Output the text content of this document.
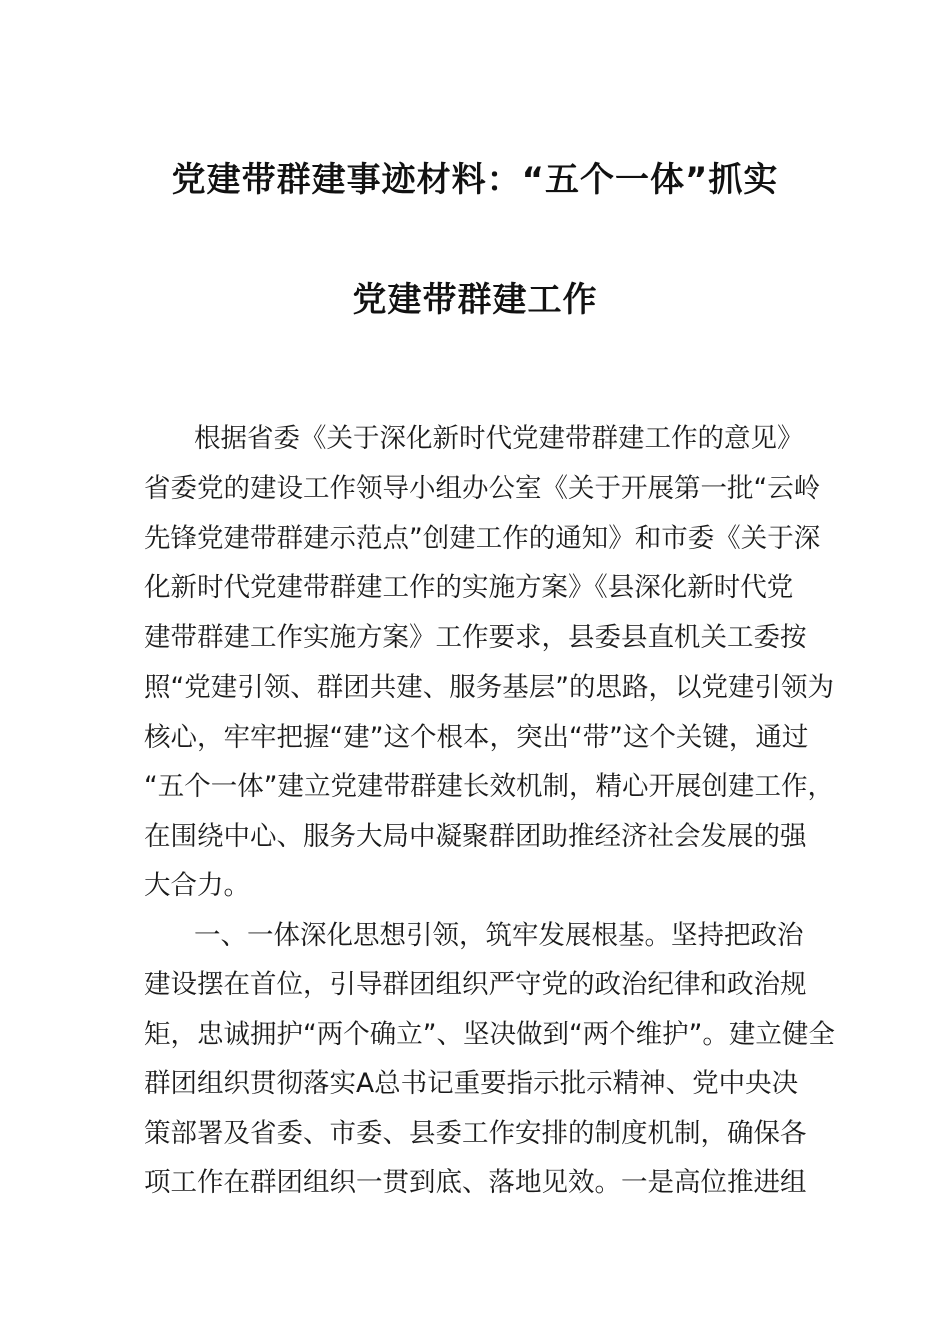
党建带群建事迹材料：“五个一体”抓实
党建带群建工作
根据省委《关于深化新时代党建带群建工作的意见》
省委党的建设工作领导小组办公室《关于开展第一批“云岭
先锋党建带群建示范点”创建工作的通知》和市委《关于深
化新时代党建带群建工作的实施方案》《县深化新时代党
建带群建工作实施方案》工作要求，县委县直机关工委按
照“党建引领、群团共建、服务基层”的思路，以党建引领为
核心，牢牢把握“建”这个根本，突出“带”这个关键，通过
“五个一体”建立党建带群建长效机制，精心开展创建工作，
在围绕中心、服务大局中凝聚群团助推经济社会发展的强
大合力。
一、一体深化思想引领，筑牢发展根基。坚持把政治
建设摆在首位，引导群团组织严守党的政治纪律和政治规
矩，忠诚拥护“两个确立”、坚决做到“两个维护”。建立健全
群团组织贯彻落实A总书记重要指示批示精神、党中央决
策部署及省委、市委、县委工作安排的制度机制，确保各
项工作在群团组织一贯到底、落地见效。一是高位推进组
